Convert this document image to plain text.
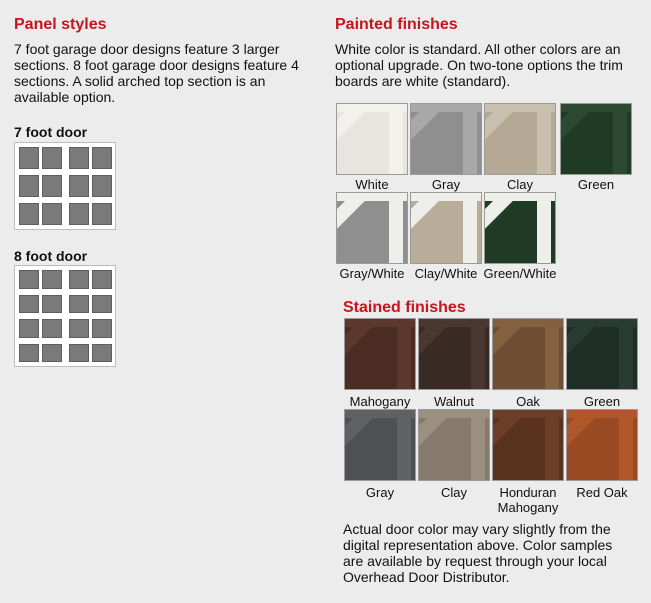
Panel styles

7 foot garage door designs feature 3 larger sections. 8 foot garage door designs feature 4 sections. A solid arched top section is an available option.

7 foot door
8 foot door
Painted finishes

White color is standard. All other colors are an optional upgrade. On two-tone options the trim boards are white (standard).

Stained finishes
Actual door color may vary slightly from the digital representation above. Color samples are available by request through your local Overhead Door Distributor.
White	Gray	Clay	Green
Gray/White Clay/White Green/White
Mahogany	Walnut	Oak	Green
Gray	Clay	Honduran Mahogany
Red Oak
